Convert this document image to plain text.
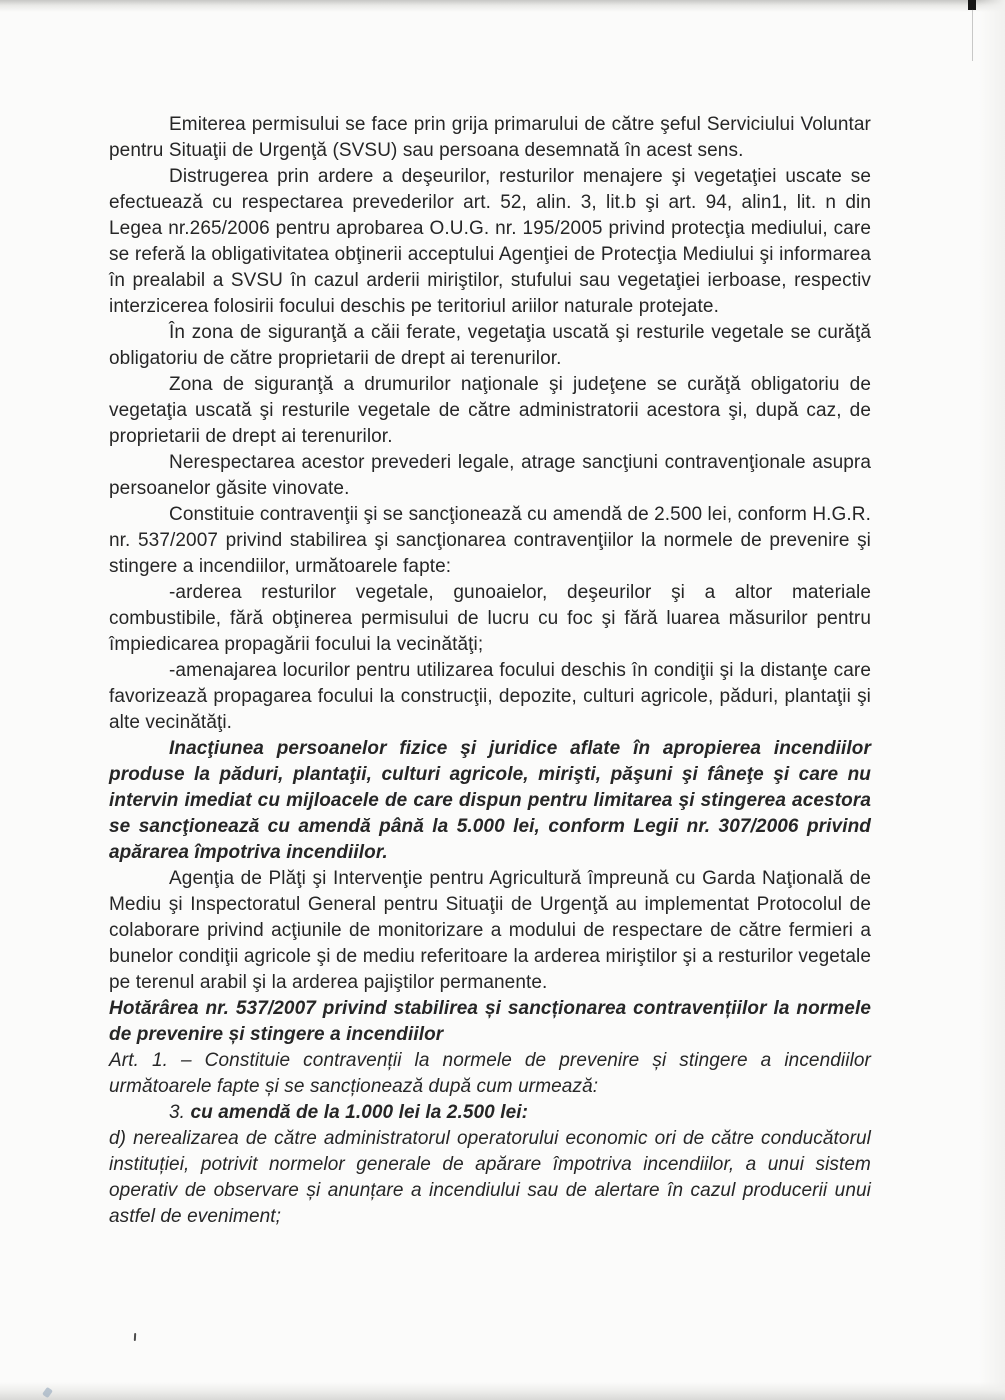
Emiterea permisului se face prin grija primarului de către şeful Serviciului Voluntar pentru Situaţii de Urgenţă (SVSU) sau persoana desemnată în acest sens.

Distrugerea prin ardere a deşeurilor, resturilor menajere şi vegetaţiei uscate se efectuează cu respectarea prevederilor art. 52, alin. 3, lit.b şi art. 94, alin1, lit. n din Legea nr.265/2006 pentru aprobarea O.U.G. nr. 195/2005 privind protecţia mediului, care se referă la obligativitatea obţinerii acceptului Agenţiei de Protecţia Mediului şi informarea în prealabil a SVSU în cazul arderii miriştilor, stufului sau vegetaţiei ierboase, respectiv interzicerea folosirii focului deschis pe teritoriul ariilor naturale protejate.

În zona de siguranţă a căii ferate, vegetaţia uscată şi resturile vegetale se curăţă obligatoriu de către proprietarii de drept ai terenurilor.

Zona de siguranţă a drumurilor naţionale şi judeţene se curăţă obligatoriu de vegetaţia uscată şi resturile vegetale de către administratorii acestora şi, după caz, de proprietarii de drept ai terenurilor.

Nerespectarea acestor prevederi legale, atrage sancţiuni contravenţionale asupra persoanelor găsite vinovate.

Constituie contravenţii şi se sancţionează cu amendă de 2.500 lei, conform H.G.R. nr. 537/2007 privind stabilirea şi sancţionarea contravenţiilor la normele de prevenire şi stingere a incendiilor, următoarele fapte:

-arderea resturilor vegetale, gunoaielor, deşeurilor şi a altor materiale combustibile, fără obţinerea permisului de lucru cu foc şi fără luarea măsurilor pentru împiedicarea propagării focului la vecinătăţi;

-amenajarea locurilor pentru utilizarea focului deschis în condiţii şi la distanţe care favorizează propagarea focului la construcţii, depozite, culturi agricole, păduri, plantaţii şi alte vecinătăţi.

Inacţiunea persoanelor fizice şi juridice aflate în apropierea incendiilor produse la păduri, plantaţii, culturi agricole, mirişti, păşuni şi fâneţe şi care nu intervin imediat cu mijloacele de care dispun pentru limitarea şi stingerea acestora se sancţionează cu amendă până la 5.000 lei, conform Legii nr. 307/2006 privind apărarea împotriva incendiilor.

Agenţia de Plăţi şi Intervenţie pentru Agricultură împreună cu Garda Naţională de Mediu şi Inspectoratul General pentru Situaţii de Urgenţă au implementat Protocolul de colaborare privind acţiunile de monitorizare a modului de respectare de către fermieri a bunelor condiţii agricole şi de mediu referitoare la arderea miriştilor şi a resturilor vegetale pe terenul arabil şi la arderea pajiştilor permanente.

Hotărârea nr. 537/2007 privind stabilirea și sancționarea contravențiilor la normele de prevenire și stingere a incendiilor

Art. 1. – Constituie contravenții la normele de prevenire și stingere a incendiilor următoarele fapte și se sancționează după cum urmează:

3. cu amendă de la 1.000 lei la 2.500 lei:

d) nerealizarea de către administratorul operatorului economic ori de către conducătorul instituției, potrivit normelor generale de apărare împotriva incendiilor, a unui sistem operativ de observare și anunțare a incendiului sau de alertare în cazul producerii unui astfel de eveniment;
